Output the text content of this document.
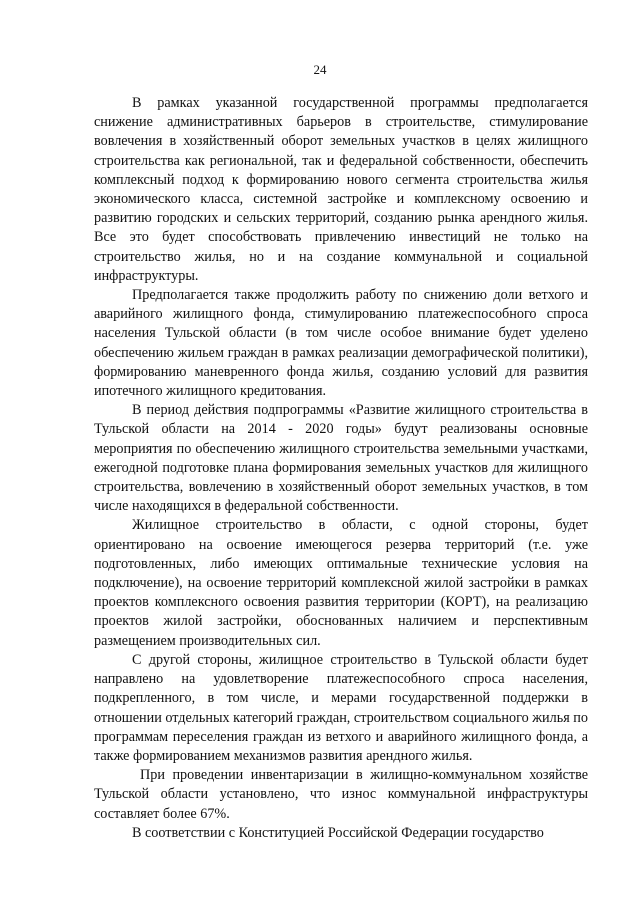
24

В рамках указанной государственной программы предполагается снижение административных барьеров в строительстве, стимулирование вовлечения в хозяйственный оборот земельных участков в целях жилищного строительства как региональной, так и федеральной собственности, обеспечить комплексный подход к формированию нового сегмента строительства жилья экономического класса, системной застройке и комплексному освоению и развитию городских и сельских территорий, созданию рынка арендного жилья. Все это будет способствовать привлечению инвестиций не только на строительство жилья, но и на создание коммунальной и социальной инфраструктуры.

Предполагается также продолжить работу по снижению доли ветхого и аварийного жилищного фонда, стимулированию платежеспособного спроса населения Тульской области (в том числе особое внимание будет уделено обеспечению жильем граждан в рамках реализации демографической политики), формированию маневренного фонда жилья, созданию условий для развития ипотечного жилищного кредитования.

В период действия подпрограммы «Развитие жилищного строительства в Тульской области на 2014 - 2020 годы» будут реализованы основные мероприятия по обеспечению жилищного строительства земельными участками, ежегодной подготовке плана формирования земельных участков для жилищного строительства, вовлечению в хозяйственный оборот земельных участков, в том числе находящихся в федеральной собственности.

Жилищное строительство в области, с одной стороны, будет ориентировано на освоение имеющегося резерва территорий (т.е. уже подготовленных, либо имеющих оптимальные технические условия на подключение), на освоение территорий комплексной жилой застройки в рамках проектов комплексного освоения развития территории (КОРТ), на реализацию проектов жилой застройки, обоснованных наличием и перспективным размещением производительных сил.

С другой стороны, жилищное строительство в Тульской области будет направлено на удовлетворение платежеспособного спроса населения, подкрепленного, в том числе, и мерами государственной поддержки в отношении отдельных категорий граждан, строительством социального жилья по программам переселения граждан из ветхого и аварийного жилищного фонда, а также формированием механизмов развития арендного жилья.

При проведении инвентаризации в жилищно-коммунальном хозяйстве Тульской области установлено, что износ коммунальной инфраструктуры составляет более 67%.

В соответствии с Конституцией Российской Федерации государство
